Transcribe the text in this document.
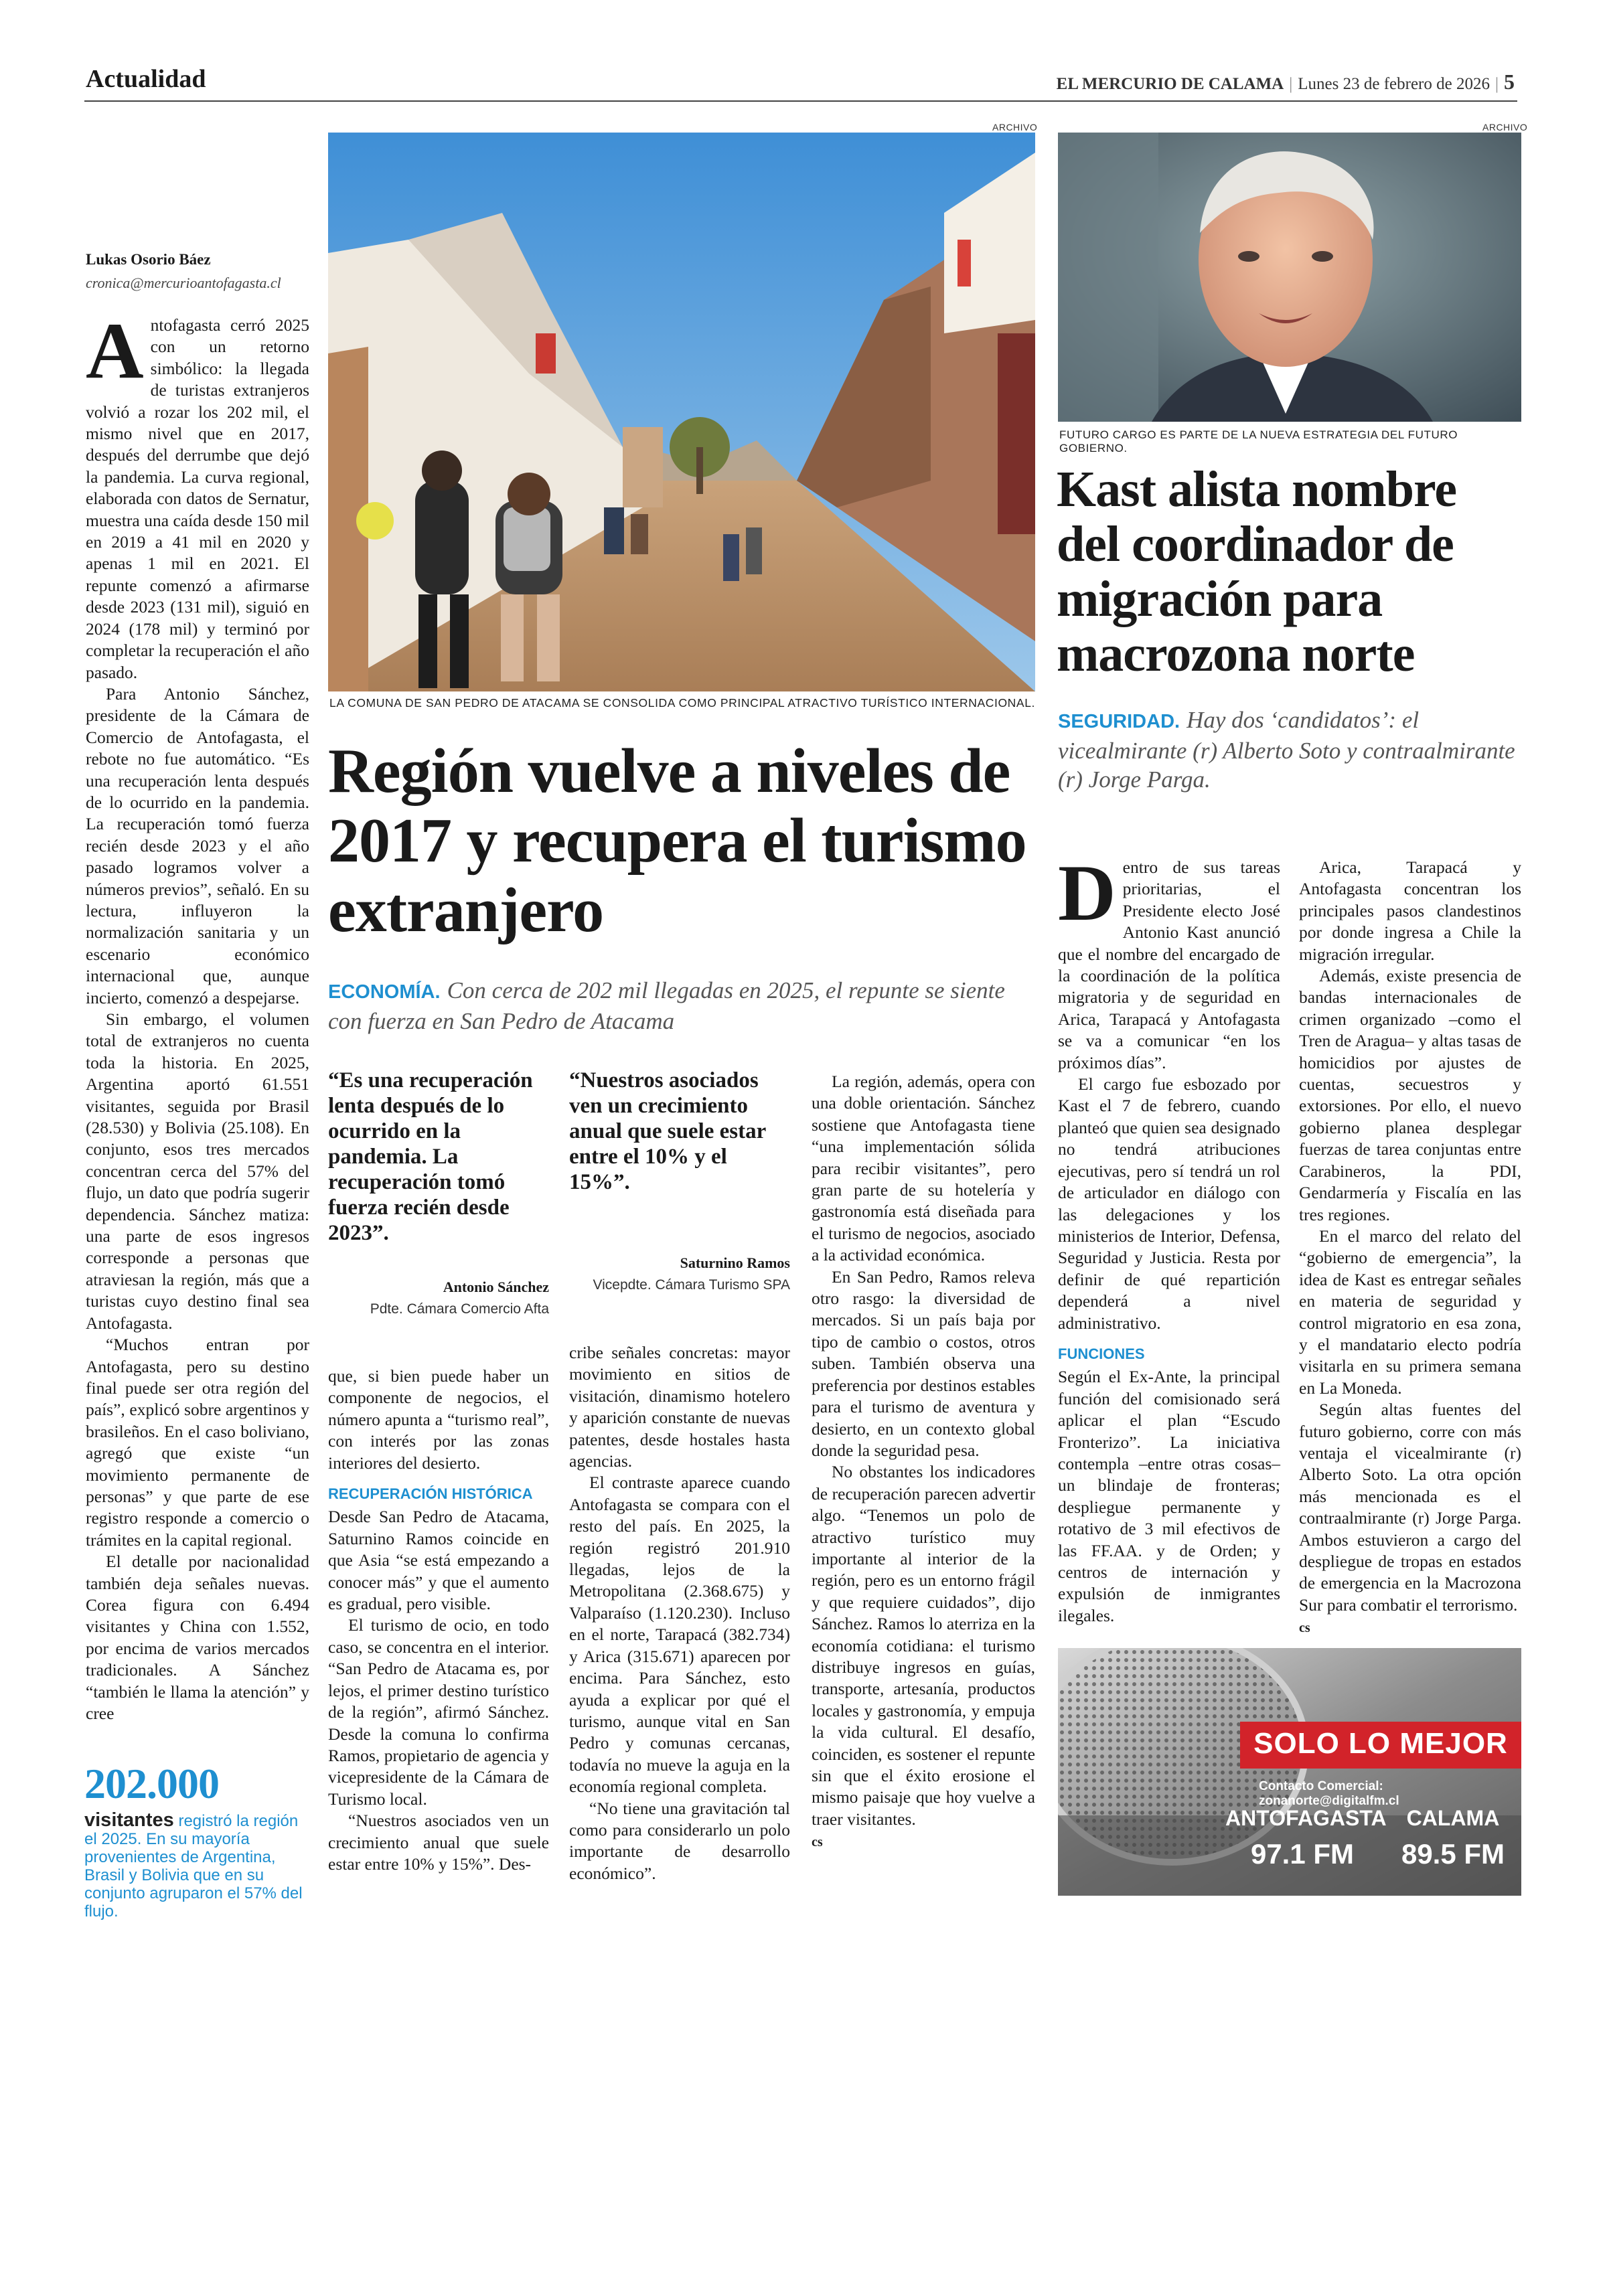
Actualidad	EL MERCURIO DE CALAMA | Lunes 23 de febrero de 2026 | 5
Lukas Osorio Báez
cronica@mercurioantofagasta.cl

Antofagasta cerró 2025 con un retorno simbólico: la llegada de turistas extranjeros volvió a rozar los 202 mil, el mismo nivel que en 2017, después del derrumbe que dejó la pandemia. La curva regional, elaborada con datos de Sernatur, muestra una caída desde 150 mil en 2019 a 41 mil en 2020 y apenas 1 mil en 2021. El repunte comenzó a afirmarse desde 2023 (131 mil), siguió en 2024 (178 mil) y terminó por completar la recuperación el año pasado.

Para Antonio Sánchez, presidente de la Cámara de Comercio de Antofagasta, el rebote no fue automático. “Es una recuperación lenta después de lo ocurrido en la pandemia. La recuperación tomó fuerza recién desde 2023 y el año pasado logramos volver a números previos”, señaló. En su lectura, influyeron la normalización sanitaria y un escenario económico internacional que, aunque incierto, comenzó a despejarse.

Sin embargo, el volumen total de extranjeros no cuenta toda la historia. En 2025, Argentina aportó 61.551 visitantes, seguida por Brasil (28.530) y Bolivia (25.108). En conjunto, esos tres mercados concentran cerca del 57% del flujo, un dato que podría sugerir dependencia. Sánchez matiza: una parte de esos ingresos corresponde a personas que atraviesan la región, más que a turistas cuyo destino final sea Antofagasta.

“Muchos entran por Antofagasta, pero su destino final puede ser otra región del país”, explicó sobre argentinos y brasileños. En el caso boliviano, agregó que existe “un movimiento permanente de personas” y que parte de ese registro responde a comercio o trámites en la capital regional.

El detalle por nacionalidad también deja señales nuevas. Corea figura con 6.494 visitantes y China con 1.552, por encima de varios mercados tradicionales. A Sánchez “también le llama la atención” y cree

202.000
visitantes registró la región el 2025. En su mayoría provenientes de Argentina, Brasil y Bolivia que en su conjunto agruparon el 57% del flujo.
ARCHIVO
LA COMUNA DE SAN PEDRO DE ATACAMA SE CONSOLIDA COMO PRINCIPAL ATRACTIVO TURÍSTICO INTERNACIONAL.
Región vuelve a niveles de 2017 y recupera el turismo extranjero
ECONOMÍA. Con cerca de 202 mil llegadas en 2025, el repunte se siente con fuerza en San Pedro de Atacama
“Es una recuperación lenta después de lo ocurrido en la pandemia. La recuperación tomó fuerza recién desde 2023”.
Antonio Sánchez
Pdte. Cámara Comercio Afta
“Nuestros asociados ven un crecimiento anual que suele estar entre el 10% y el 15%”.
Saturnino Ramos
Vicepdte. Cámara Turismo SPA

que, si bien puede haber un componente de negocios, el número apunta a “turismo real”, con interés por las zonas interiores del desierto.

RECUPERACIÓN HISTÓRICA

Desde San Pedro de Atacama, Saturnino Ramos coincide en que Asia “se está empezando a conocer más” y que el aumento es gradual, pero visible.

El turismo de ocio, en todo caso, se concentra en el interior. “San Pedro de Atacama es, por lejos, el primer destino turístico de la región”, afirmó Sánchez. Desde la comuna lo confirma Ramos, propietario de agencia y vicepresidente de la Cámara de Turismo local.

“Nuestros asociados ven un crecimiento anual que suele estar entre 10% y 15%”. Des-

cribe señales concretas: mayor movimiento en sitios de visitación, dinamismo hotelero y aparición constante de nuevas patentes, desde hostales hasta agencias.

El contraste aparece cuando Antofagasta se compara con el resto del país. En 2025, la región registró 201.910 llegadas, lejos de la Metropolitana (2.368.675) y Valparaíso (1.120.230). Incluso en el norte, Tarapacá (382.734) y Arica (315.671) aparecen por encima. Para Sánchez, esto ayuda a explicar por qué el turismo, aunque vital en San Pedro y comunas cercanas, todavía no mueve la aguja en la economía regional completa.

“No tiene una gravitación tal como para considerarlo un polo importante de desarrollo económico”.

La región, además, opera con una doble orientación. Sánchez sostiene que Antofagasta tiene “una implementación sólida para recibir visitantes”, pero gran parte de su hotelería y gastronomía está diseñada para el turismo de negocios, asociado a la actividad económica.

En San Pedro, Ramos releva otro rasgo: la diversidad de mercados. Si un país baja por tipo de cambio o costos, otros suben. También observa una preferencia por destinos estables para el turismo de aventura y desierto, en un contexto global donde la seguridad pesa.

No obstantes los indicadores de recuperación parecen advertir algo. “Tenemos un polo de atractivo turístico muy importante al interior de la región, pero es un entorno frágil y que requiere cuidados”, dijo Sánchez. Ramos lo aterriza en la economía cotidiana: el turismo distribuye ingresos en guías, transporte, artesanía, productos locales y gastronomía, y empuja la vida cultural. El desafío, coinciden, es sostener el repunte sin que el éxito erosione el mismo paisaje que hoy vuelve a traer visitantes.

cs
ARCHIVO
FUTURO CARGO ES PARTE DE LA NUEVA ESTRATEGIA DEL FUTURO GOBIERNO.
Kast alista nombre del coordinador de migración para macrozona norte
SEGURIDAD. Hay dos ‘candidatos’: el vicealmirante (r) Alberto Soto y contraalmirante (r) Jorge Parga.

Dentro de sus tareas prioritarias, el Presidente electo José Antonio Kast anunció que el nombre del encargado de la coordinación de la política migratoria y de seguridad en Arica, Tarapacá y Antofagasta se va a comunicar “en los próximos días”.

El cargo fue esbozado por Kast el 7 de febrero, cuando planteó que quien sea designado no tendrá atribuciones ejecutivas, pero sí tendrá un rol de articulador en diálogo con las delegaciones y los ministerios de Interior, Defensa, Seguridad y Justicia. Resta por definir de qué repartición dependerá a nivel administrativo.

FUNCIONES

Según el Ex-Ante, la principal función del comisionado será aplicar el plan “Escudo Fronterizo”. La iniciativa contempla –entre otras cosas– un blindaje de fronteras; despliegue permanente y rotativo de 3 mil efectivos de las FF.AA. y de Orden; y centros de internación y expulsión de inmigrantes ilegales.

Arica, Tarapacá y Antofagasta concentran los principales pasos clandestinos por donde ingresa a Chile la migración irregular.

Además, existe presencia de bandas internacionales de crimen organizado –como el Tren de Aragua– y altas tasas de homicidios por ajustes de cuentas, secuestros y extorsiones. Por ello, el nuevo gobierno planea desplegar fuerzas de tarea conjuntas entre Carabineros, la PDI, Gendarmería y Fiscalía en las tres regiones.

En el marco del relato del “gobierno de emergencia”, la idea de Kast es entregar señales en materia de seguridad y control migratorio en esa zona, y el mandatario electo podría visitarla en su primera semana en La Moneda.

Según altas fuentes del futuro gobierno, corre con más ventaja el vicealmirante (r) Alberto Soto. La otra opción más mencionada es el contraalmirante (r) Jorge Parga. Ambos estuvieron a cargo del despliegue de tropas en estados de emergencia en la Macrozona Sur para combatir el terrorismo.

cs
SOLO LO MEJOR
Contacto Comercial: zonanorte@digitalfm.cl
ANTOFAGASTA
97.1 FM
CALAMA
89.5 FM
